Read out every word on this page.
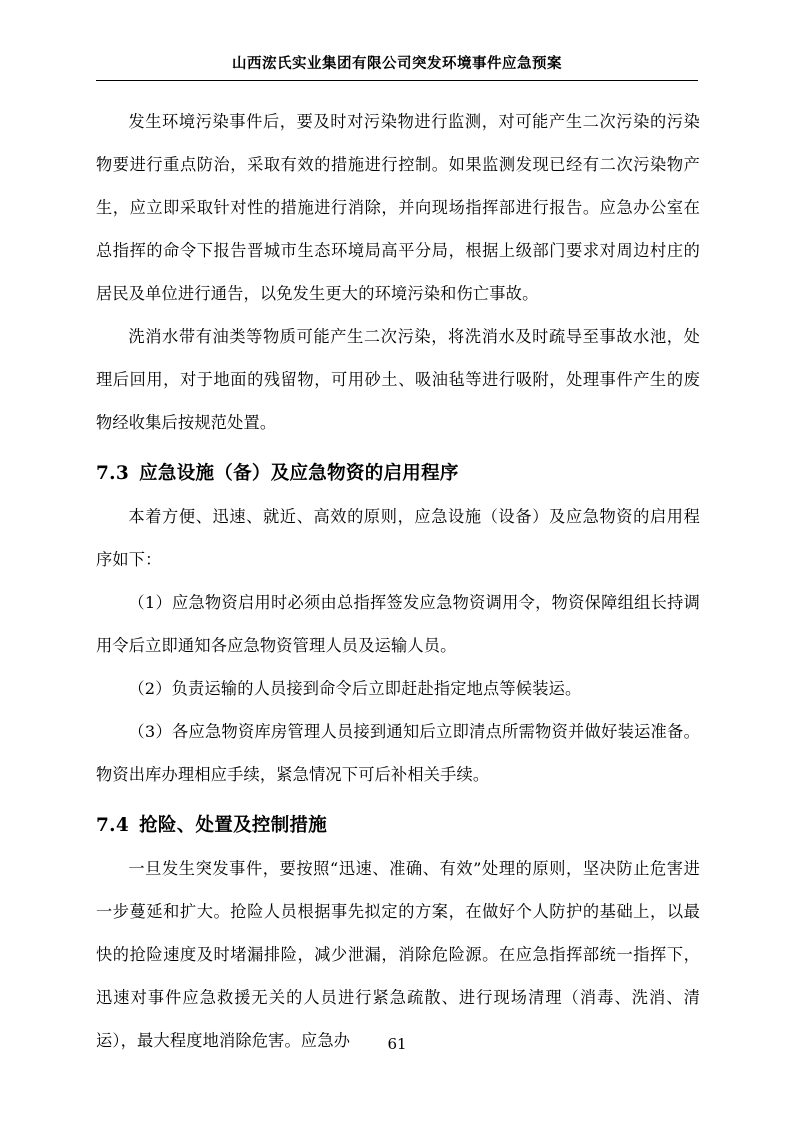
山西浤氏实业集团有限公司突发环境事件应急预案

发生环境污染事件后，要及时对污染物进行监测，对可能产生二次污染的污染物要进行重点防治，采取有效的措施进行控制。如果监测发现已经有二次污染物产生，应立即采取针对性的措施进行消除，并向现场指挥部进行报告。应急办公室在总指挥的命令下报告晋城市生态环境局高平分局，根据上级部门要求对周边村庄的居民及单位进行通告，以免发生更大的环境污染和伤亡事故。

洗消水带有油类等物质可能产生二次污染，将洗消水及时疏导至事故水池，处理后回用，对于地面的残留物，可用砂土、吸油毡等进行吸附，处理事件产生的废物经收集后按规范处置。

7.3 应急设施（备）及应急物资的启用程序

本着方便、迅速、就近、高效的原则，应急设施（设备）及应急物资的启用程序如下：

（1）应急物资启用时必须由总指挥签发应急物资调用令，物资保障组组长持调用令后立即通知各应急物资管理人员及运输人员。

（2）负责运输的人员接到命令后立即赶赴指定地点等候装运。

（3）各应急物资库房管理人员接到通知后立即清点所需物资并做好装运准备。物资出库办理相应手续，紧急情况下可后补相关手续。

7.4 抢险、处置及控制措施

一旦发生突发事件，要按照“迅速、准确、有效”处理的原则，坚决防止危害进一步蔓延和扩大。抢险人员根据事先拟定的方案，在做好个人防护的基础上，以最快的抢险速度及时堵漏排险，减少泄漏，消除危险源。在应急指挥部统一指挥下，迅速对事件应急救援无关的人员进行紧急疏散、进行现场清理（消毒、洗消、清运），最大程度地消除危害。应急办	61
